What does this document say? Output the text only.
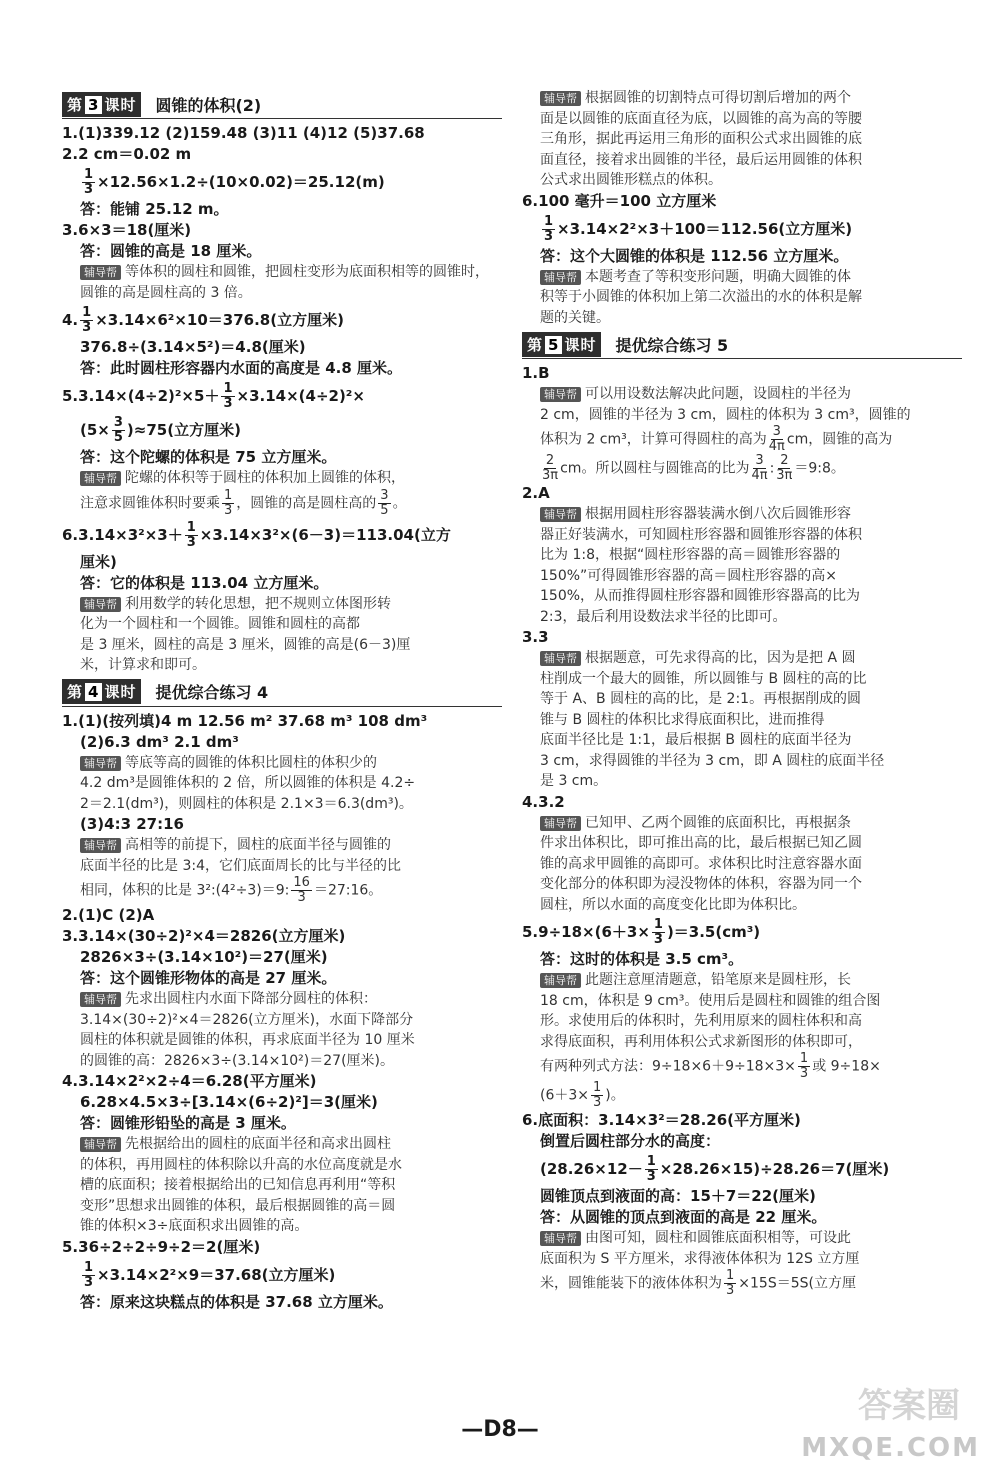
第 3 课时	圆锥的体积(2)
1.(1)339.12 (2)159.48 (3)11 (4)12 (5)37.68
2.2 cm＝0.02 m
$\frac{1}{3} \times 12.56\times 1.2\div(10\times 0.02)=25.12(m)$
答：能铺 25.12 m。
3.6×3＝18(厘米)
答：圆锥的高是 18 厘米。
辅导帮 等体积的圆柱和圆锥，把圆柱变形为底面积相等的圆锥时，圆锥的高是圆柱高的 3 倍。
4. $\frac{1}{3} \times 3.14\times 6^2\times 10=376.8$(立方厘米)
376.8÷(3.14×5²)＝4.8(厘米)
答：此时圆柱形容器内水面的高度是 4.8 厘米。
$5.3.14\times(4\div 2)^2\times 5+ \frac{1}{3} \times 3.14\times(4\div 2)^2\times$
$(5\times \frac{3}{5} )\approx 75$(立方厘米)
答：这个陀螺的体积是 75 立方厘米。
辅导帮 陀螺的体积等于圆柱的体积加上圆锥的体积，
注意求圆锥体积时要乘 $\frac{1}{3}$ ，圆锥的高是圆柱高的 $\frac{3}{5}$ 。
$6.3.14\times 3^2\times 3+ \frac{1}{3} \times 3.14\times 3^2\times(6-3)=113.04$(立方
厘米)
答：它的体积是 113.04 立方厘米。
辅导帮 利用数学的转化思想，把不规则立体图形转
化为一个圆柱和一个圆锥。圆锥和圆柱的高都
是 3 厘米，圆柱的高是 3 厘米，圆锥的高是(6－3)厘
米，计算求和即可。
第 4 课时	提优综合练习 4
1.(1)(按列填)4 m 12.56 m² 37.68 m³ 108 dm³
(2)6.3 dm³ 2.1 dm³
辅导帮 等底等高的圆锥的体积比圆柱的体积少的
4.2 dm³是圆锥体积的 2 倍，所以圆锥的体积是 4.2÷
2＝2.1(dm³)，则圆柱的体积是 2.1×3＝6.3(dm³)。
(3)4:3 27:16
辅导帮 高相等的前提下，圆柱的底面半径与圆锥的
底面半径的比是 3:4，它们底面周长的比与半径的比
相同，体积的比是 3²:(4²÷3)＝9: $\frac{16}{3}$ ＝27:16。
2.(1)C (2)A
3.3.14×(30÷2)²×4＝2826(立方厘米)
2826×3÷(3.14×10²)＝27(厘米)
答：这个圆锥形物体的高是 27 厘米。
辅导帮 先求出圆柱内水面下降部分圆柱的体积：
3.14×(30÷2)²×4＝2826(立方厘米)，水面下降部分
圆柱的体积就是圆锥的体积，再求底面半径为 10 厘米
的圆锥的高：2826×3÷(3.14×10²)＝27(厘米)。
4.3.14×2²×2÷4＝6.28(平方厘米)
6.28×4.5×3÷[3.14×(6÷2)²]＝3(厘米)
答：圆锥形铅坠的高是 3 厘米。
辅导帮 先根据给出的圆柱的底面半径和高求出圆柱
的体积，再用圆柱的体积除以升高的水位高度就是水
槽的底面积；接着根据给出的已知信息再利用“等积
变形”思想求出圆锥的体积，最后根据圆锥的高＝圆
锥的体积×3÷底面积求出圆锥的高。
5.36÷2÷2÷9÷2＝2(厘米)
$\frac{1}{3} \times 3.14\times 2^2\times 9=37.68$(立方厘米)
答：原来这块糕点的体积是 37.68 立方厘米。
辅导帮 根据圆锥的切割特点可得切割后增加的两个
面是以圆锥的底面直径为底，以圆锥的高为高的等腰
三角形，据此再运用三角形的面积公式求出圆锥的底
面直径，接着求出圆锥的半径，最后运用圆锥的体积
公式求出圆锥形糕点的体积。
6.100 毫升＝100 立方厘米
$\frac{1}{3} \times 3.14\times 2^2\times 3+100=112.56$(立方厘米)
答：这个大圆锥的体积是 112.56 立方厘米。
辅导帮 本题考查了等积变形问题，明确大圆锥的体
积等于小圆锥的体积加上第二次溢出的水的体积是解
题的关键。
第 5 课时	提优综合练习 5
1.B
辅导帮 可以用设数法解决此问题，设圆柱的半径为
2 cm，圆锥的半径为 3 cm，圆柱的体积为 3 cm³，圆锥的
体积为 2 cm³，计算可得圆柱的高为 $\frac{3}{4\pi}$ cm，圆锥的高为

$\frac{2}{3\pi}$ cm。所以圆柱与圆锥高的比为 $\frac{3}{4\pi}$ : $\frac{2}{3\pi}$ ＝9:8。
2.A
辅导帮 根据用圆柱形容器装满水倒八次后圆锥形容
器正好装满水，可知圆柱形容器和圆锥形容器的体积
比为 1:8，根据“圆柱形容器的高＝圆锥形容器的
150%”可得圆锥形容器的高＝圆柱形容器的高×
150%，从而推得圆柱形容器和圆锥形容器高的比为
2:3，最后利用设数法求半径的比即可。
3.3
辅导帮 根据题意，可先求得高的比，因为是把 A 圆
柱削成一个最大的圆锥，所以圆锥与 B 圆柱的高的比
等于 A、B 圆柱的高的比，是 2:1。再根据削成的圆
锥与 B 圆柱的体积比求得底面积比，进而推得
底面半径比是 1:1，最后根据 B 圆柱的底面半径为
3 cm，求得圆锥的半径为 3 cm，即 A 圆柱的底面半径
是 3 cm。
4.3.2
辅导帮 已知甲、乙两个圆锥的底面积比，再根据条
件求出体积比，即可推出高的比，最后根据已知乙圆
锥的高求甲圆锥的高即可。求体积比时注意容器水面
变化部分的体积即为浸没物体的体积，容器为同一个
圆柱，所以水面的高度变化比即为体积比。
$5.9\div 18\times(6+3\times \frac{1}{3} )=3.5(cm^3)$
答：这时的体积是 3.5 cm³。
辅导帮 此题注意厘清题意，铅笔原来是圆柱形，长
18 cm，体积是 9 cm³。使用后是圆柱和圆锥的组合图
形。求使用后的体积时，先利用原来的圆柱体积和高
求得底面积，再利用体积公式求新图形的体积即可，
有两种列式方法：$9\div 18\times 6+9\div 18\times 3\times \frac{1}{3}$ 或 9÷18×
($6+3\times \frac{1}{3}$ )。
6.底面积：3.14×3²＝28.26(平方厘米)
倒置后圆柱部分水的高度：
$(28.26\times 12- \frac{1}{3} \times 28.26\times 15)\div 28.26=7$(厘米)
圆锥顶点到液面的高：15＋7＝22(厘米)
答：从圆锥的顶点到液面的高是 22 厘米。
辅导帮 由图可知，圆柱和圆锥底面积相等，可设此
底面积为 S 平方厘米，求得液体体积为 12S 立方厘
米，圆锥能装下的液体体积为 $\frac{1}{3} \times 15S=5S$(立方厘
—D8—
答案圈
MXQE.COM
